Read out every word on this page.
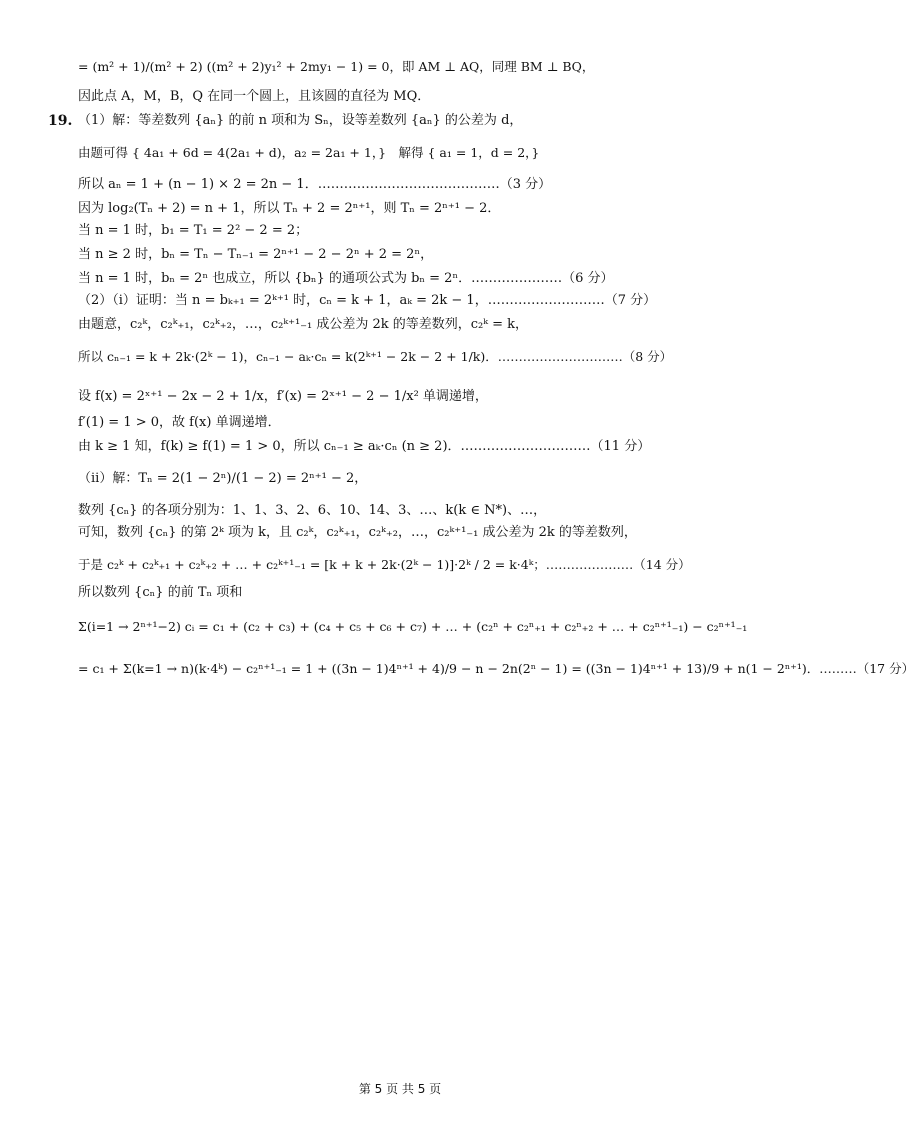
= (m² + 1)/(m² + 2) ((m² + 2)y₁² + 2my₁ − 1) = 0，即 AM ⊥ AQ，同理 BM ⊥ BQ，
因此点 A，M，B，Q 在同一个圆上，且该圆的直径为 MQ．
19. （1）解：等差数列 {aₙ} 的前 n 项和为 Sₙ，设等差数列 {aₙ} 的公差为 d，
由题可得 { 4a₁ + 6d = 4(2a₁ + d)，a₂ = 2a₁ + 1，}　解得 { a₁ = 1，d = 2，}
所以 aₙ = 1 + (n − 1) × 2 = 2n − 1．……………………………………（3 分）
因为 log₂(Tₙ + 2) = n + 1，所以 Tₙ + 2 = 2ⁿ⁺¹，则 Tₙ = 2ⁿ⁺¹ − 2．
当 n = 1 时，b₁ = T₁ = 2² − 2 = 2；
当 n ≥ 2 时，bₙ = Tₙ − Tₙ₋₁ = 2ⁿ⁺¹ − 2 − 2ⁿ + 2 = 2ⁿ，
当 n = 1 时，bₙ = 2ⁿ 也成立，所以 {bₙ} 的通项公式为 bₙ = 2ⁿ．…………………（6 分）
（2）（i）证明：当 n = bₖ₊₁ = 2ᵏ⁺¹ 时，cₙ = k + 1，aₖ = 2k − 1，………………………（7 分）
由题意，c₂ᵏ，c₂ᵏ₊₁，c₂ᵏ₊₂，…，c₂ᵏ⁺¹₋₁ 成公差为 2k 的等差数列，c₂ᵏ = k，
所以 cₙ₋₁ = k + 2k·(2ᵏ − 1)，cₙ₋₁ − aₖ·cₙ = k(2ᵏ⁺¹ − 2k − 2 + 1/k)．…………………………（8 分）
设 f(x) = 2ˣ⁺¹ − 2x − 2 + 1/x，f′(x) = 2ˣ⁺¹ − 2 − 1/x² 单调递增，
f′(1) = 1 > 0，故 f(x) 单调递增．
由 k ≥ 1 知，f(k) ≥ f(1) = 1 > 0，所以 cₙ₋₁ ≥ aₖ·cₙ (n ≥ 2)．…………………………（11 分）
（ii）解：Tₙ = 2(1 − 2ⁿ)/(1 − 2) = 2ⁿ⁺¹ − 2，
数列 {cₙ} 的各项分别为：1、1、3、2、6、10、14、3、…、k(k ∈ N*)、…，
可知，数列 {cₙ} 的第 2ᵏ 项为 k，且 c₂ᵏ，c₂ᵏ₊₁，c₂ᵏ₊₂，…，c₂ᵏ⁺¹₋₁ 成公差为 2k 的等差数列，
于是 c₂ᵏ + c₂ᵏ₊₁ + c₂ᵏ₊₂ + … + c₂ᵏ⁺¹₋₁ = [k + k + 2k·(2ᵏ − 1)]·2ᵏ / 2 = k·4ᵏ；…………………（14 分）
所以数列 {cₙ} 的前 Tₙ 项和
Σ(i=1 → 2ⁿ⁺¹−2) cᵢ = c₁ + (c₂ + c₃) + (c₄ + c₅ + c₆ + c₇) + … + (c₂ⁿ + c₂ⁿ₊₁ + c₂ⁿ₊₂ + … + c₂ⁿ⁺¹₋₁) − c₂ⁿ⁺¹₋₁
= c₁ + Σ(k=1 → n)(k·4ᵏ) − c₂ⁿ⁺¹₋₁ = 1 + ((3n − 1)4ⁿ⁺¹ + 4)/9 − n − 2n(2ⁿ − 1) = ((3n − 1)4ⁿ⁺¹ + 13)/9 + n(1 − 2ⁿ⁺¹)．………（17 分）
第 5 页 共 5 页
